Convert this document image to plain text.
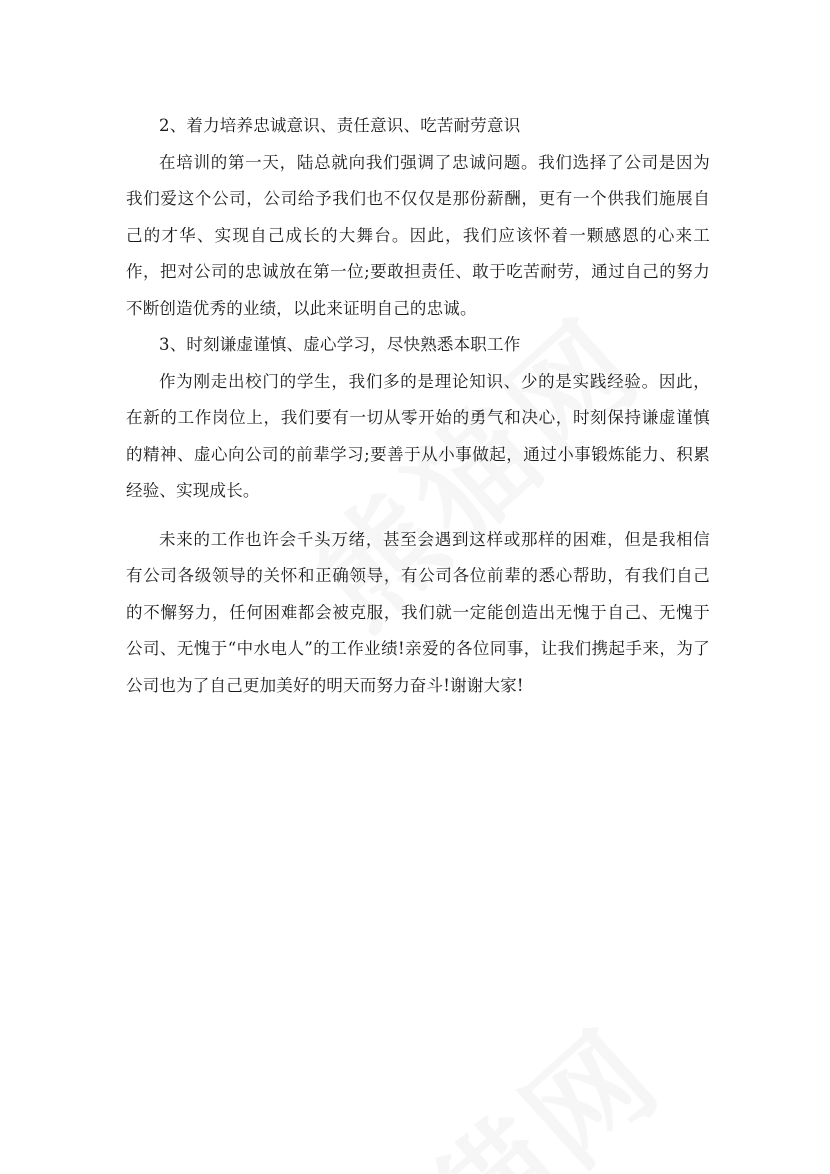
2、着力培养忠诚意识、责任意识、吃苦耐劳意识

在培训的第一天，陆总就向我们强调了忠诚问题。我们选择了公司是因为我们爱这个公司，公司给予我们也不仅仅是那份薪酬，更有一个供我们施展自己的才华、实现自己成长的大舞台。因此，我们应该怀着一颗感恩的心来工作，把对公司的忠诚放在第一位;要敢担责任、敢于吃苦耐劳，通过自己的努力不断创造优秀的业绩，以此来证明自己的忠诚。

3、时刻谦虚谨慎、虚心学习，尽快熟悉本职工作

作为刚走出校门的学生，我们多的是理论知识、少的是实践经验。因此，在新的工作岗位上，我们要有一切从零开始的勇气和决心，时刻保持谦虚谨慎的精神、虚心向公司的前辈学习;要善于从小事做起，通过小事锻炼能力、积累经验、实现成长。

未来的工作也许会千头万绪，甚至会遇到这样或那样的困难，但是我相信有公司各级领导的关怀和正确领导，有公司各位前辈的悉心帮助，有我们自己的不懈努力，任何困难都会被克服，我们就一定能创造出无愧于自己、无愧于公司、无愧于“中水电人”的工作业绩!亲爱的各位同事，让我们携起手来，为了公司也为了自己更加美好的明天而努力奋斗!谢谢大家!
